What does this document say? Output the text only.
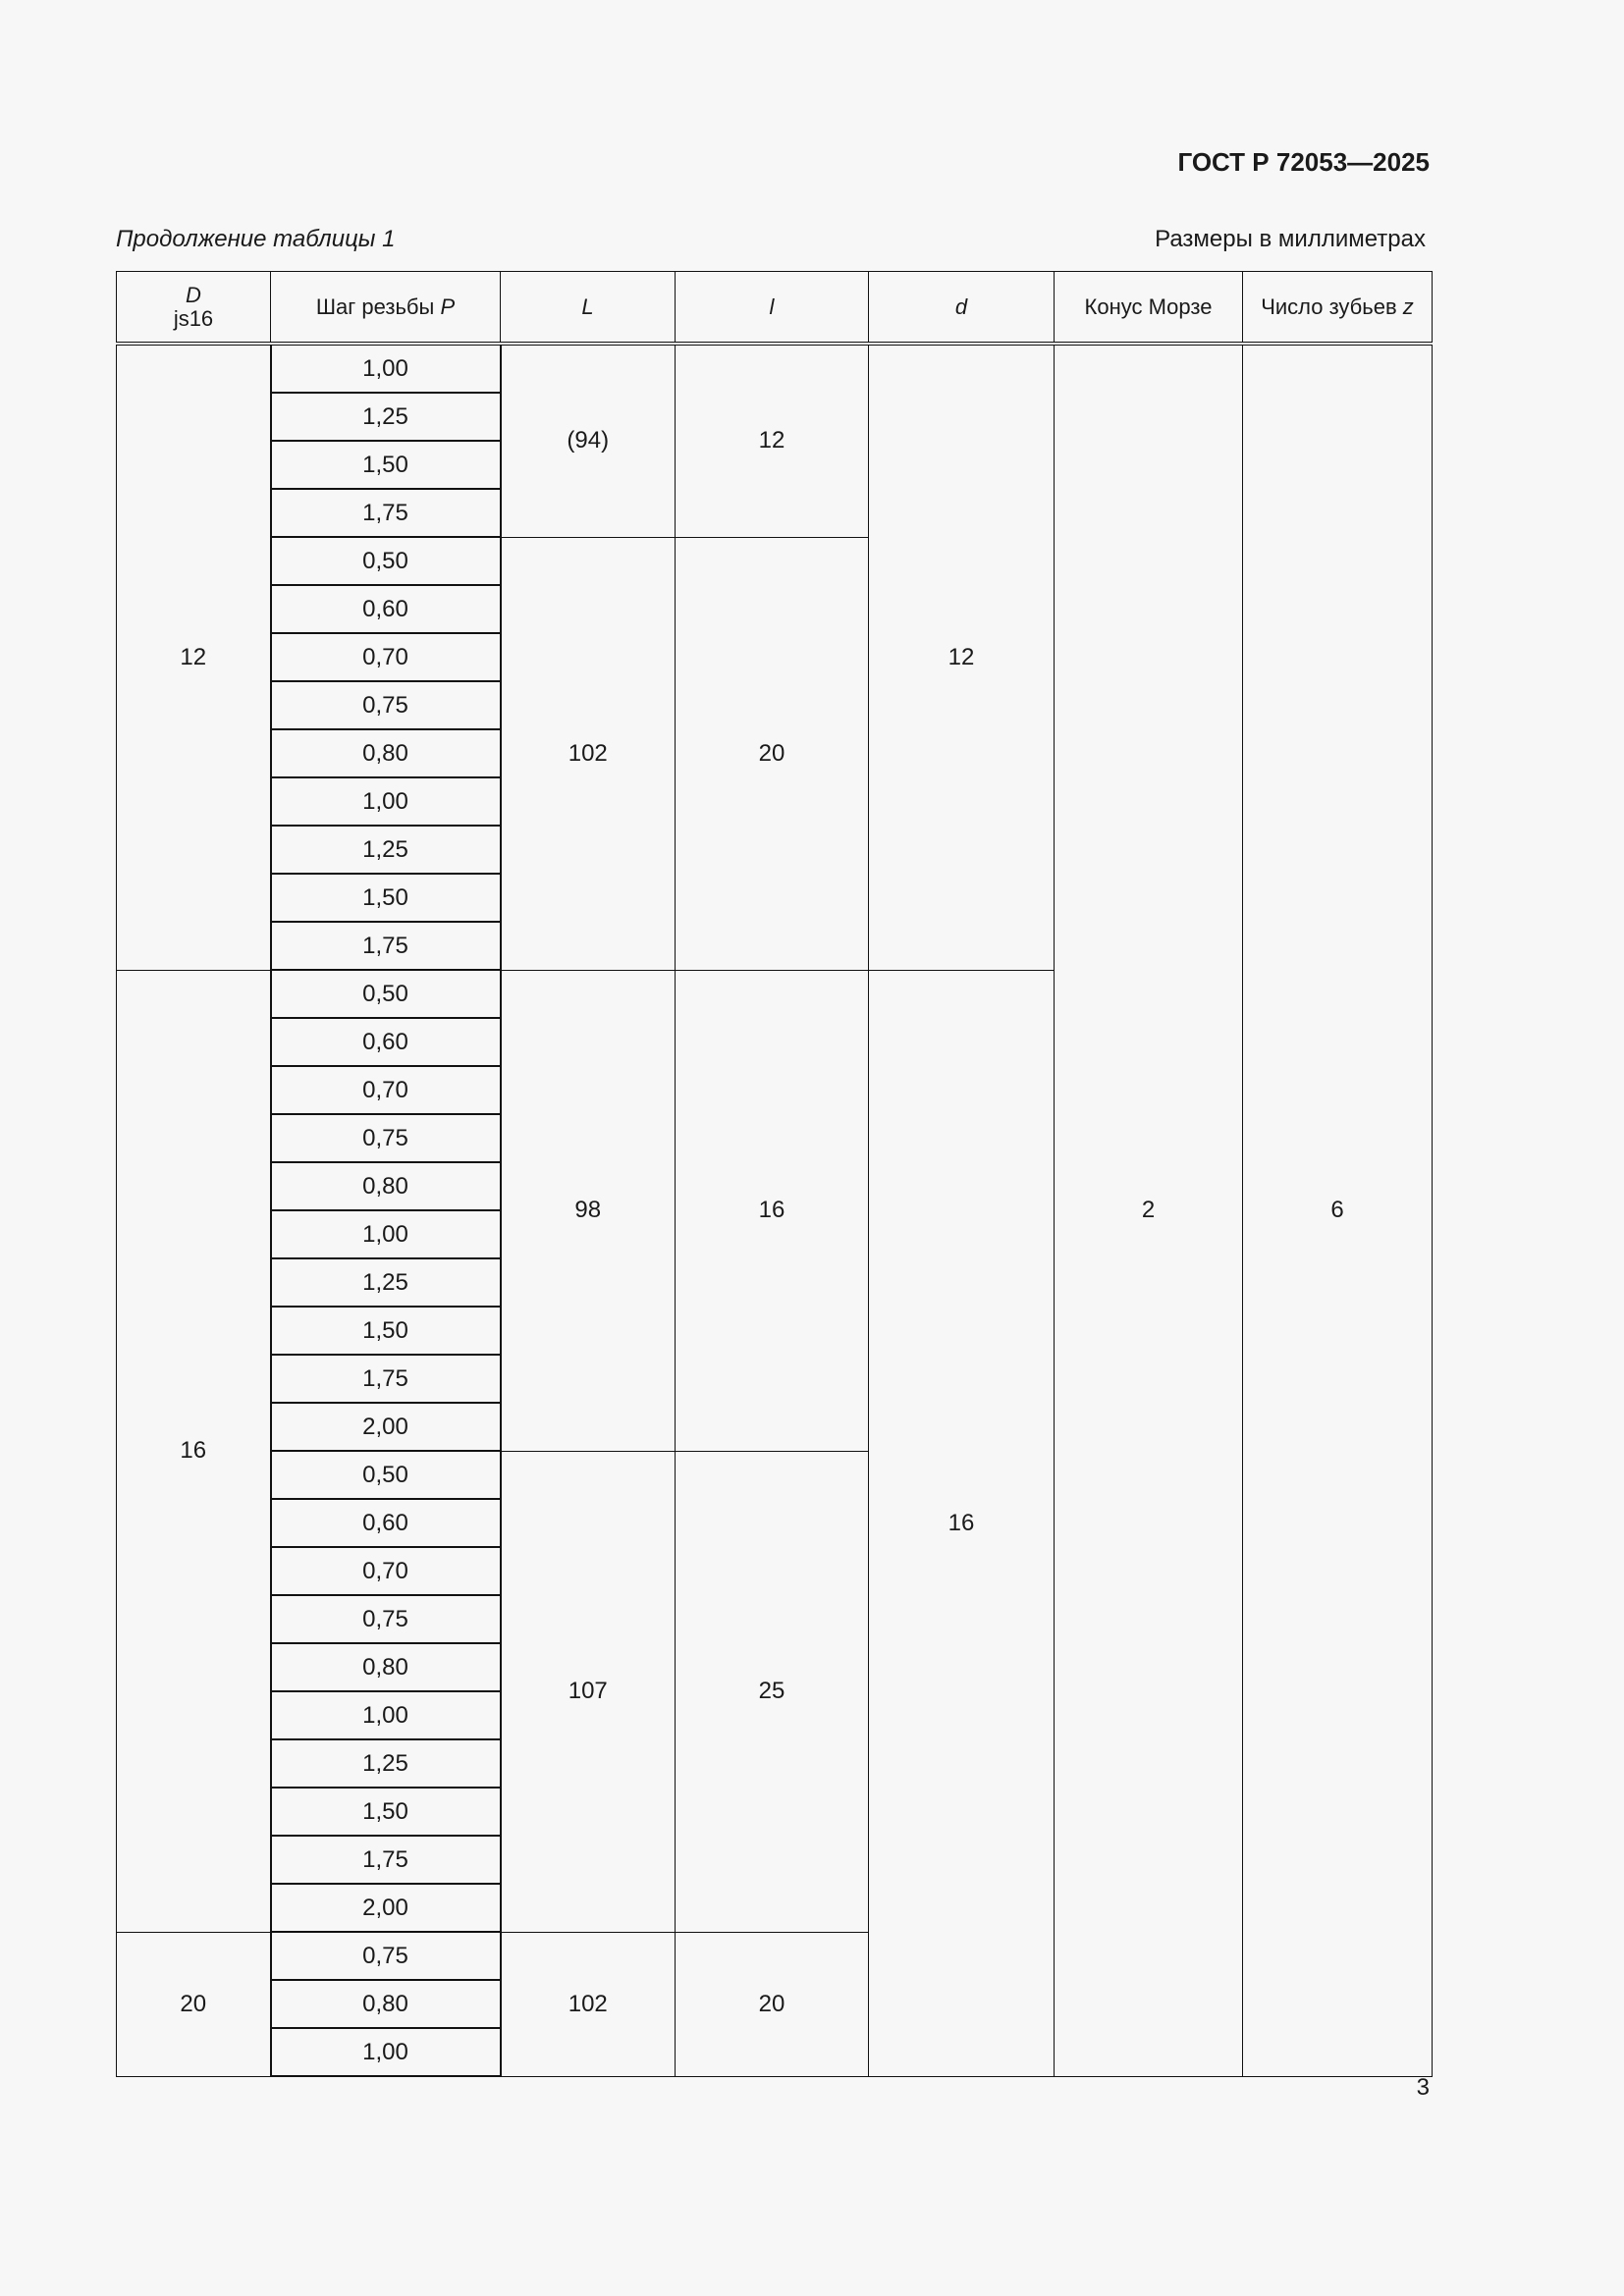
ГОСТ Р 72053—2025
Продолжение таблицы 1	Размеры в миллиметрах
D
js16	Шаг резьбы P	L	l	d	Конус Морзе	Число зубьев z
12	1,00	(94)	12	12	2	6
	1,25					
	1,50					
	1,75					
	0,50	102	20			
	0,60					
	0,70					
	0,75					
	0,80					
	1,00					
	1,25					
	1,50					
	1,75					
16	0,50	98	16	16		
	0,60					
	0,70					
	0,75					
	0,80					
	1,00					
	1,25					
	1,50					
	1,75					
	2,00					
	0,50	107	25			
	0,60					
	0,70					
	0,75					
	0,80					
	1,00					
	1,25					
	1,50					
	1,75					
	2,00					
20	0,75	102	20			
	0,80					
	1,00					
3
